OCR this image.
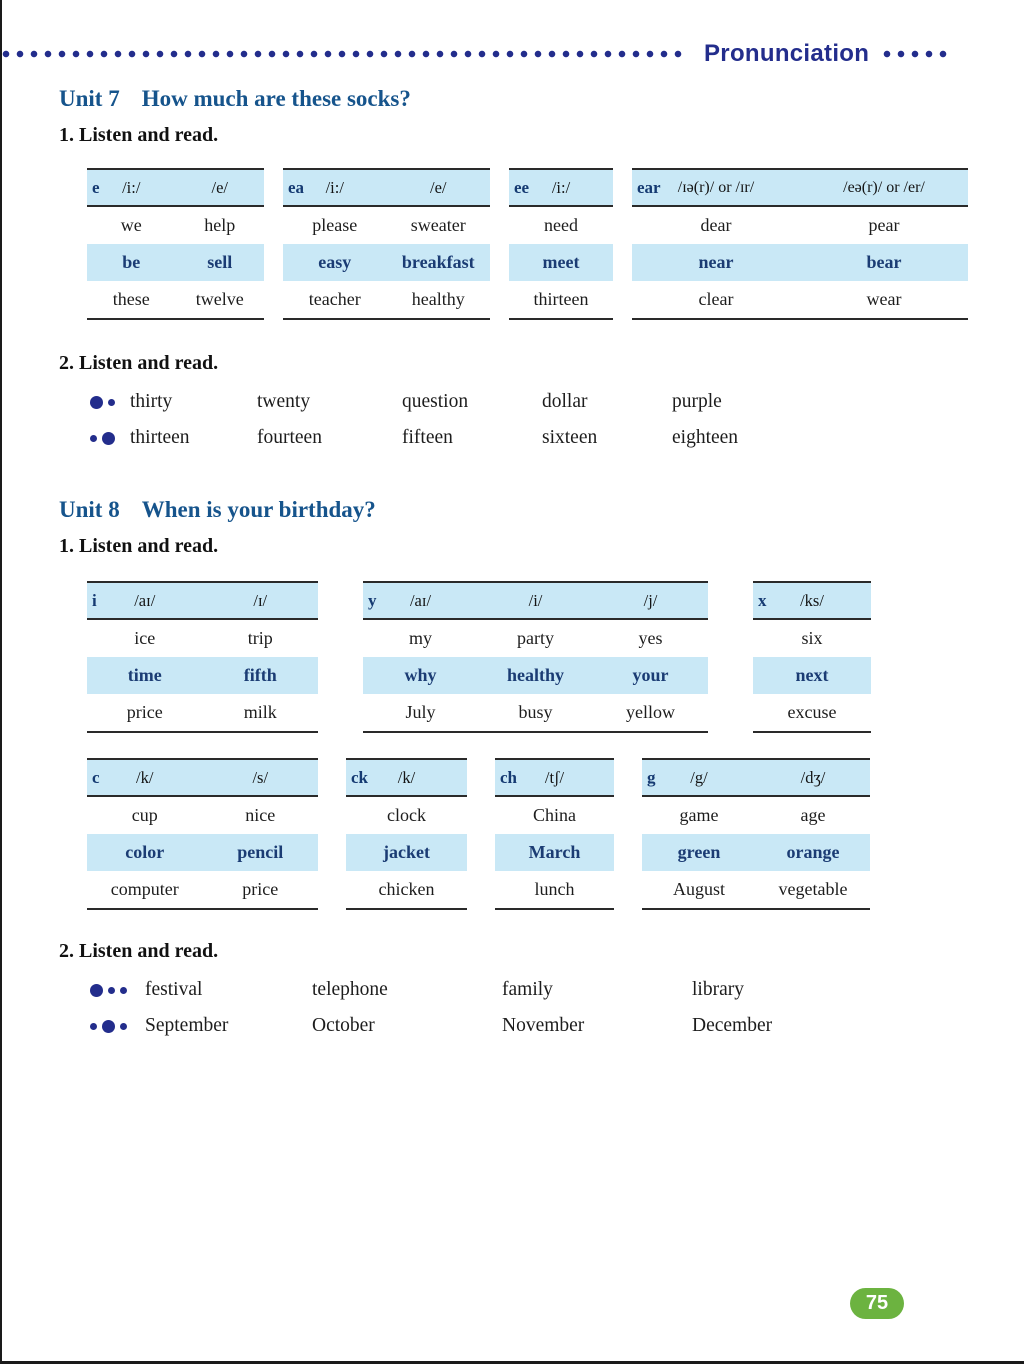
Pronunciation
Unit 7 How much are these socks?
1. Listen and read.
e	/i:/	/e/
we	help
be	sell
these	twelve
ea	/i:/	/e/
please	sweater
easy	breakfast
teacher	healthy
ee	/i:/
need
meet
thirteen
ear	/ɪə(r)/ or /ɪr/	/eə(r)/ or /er/
dear	pear
near	bear
clear	wear
2. Listen and read.
thirty	twenty	question	dollar	purple
thirteen	fourteen	fifteen	sixteen	eighteen
Unit 8 When is your birthday?
1. Listen and read.
i	/aɪ/	/ɪ/
ice	trip
time	fifth
price	milk
y	/aɪ/	/i/	/j/
my	party	yes
why	healthy	your
July	busy	yellow
x	/ks/
six
next
excuse
c	/k/	/s/
cup	nice
color	pencil
computer	price
ck	/k/
clock
jacket
chicken
ch	/tʃ/
China
March
lunch
g	/g/	/dʒ/
game	age
green	orange
August	vegetable
2. Listen and read.
festival	telephone	family	library
September	October	November	December
75
